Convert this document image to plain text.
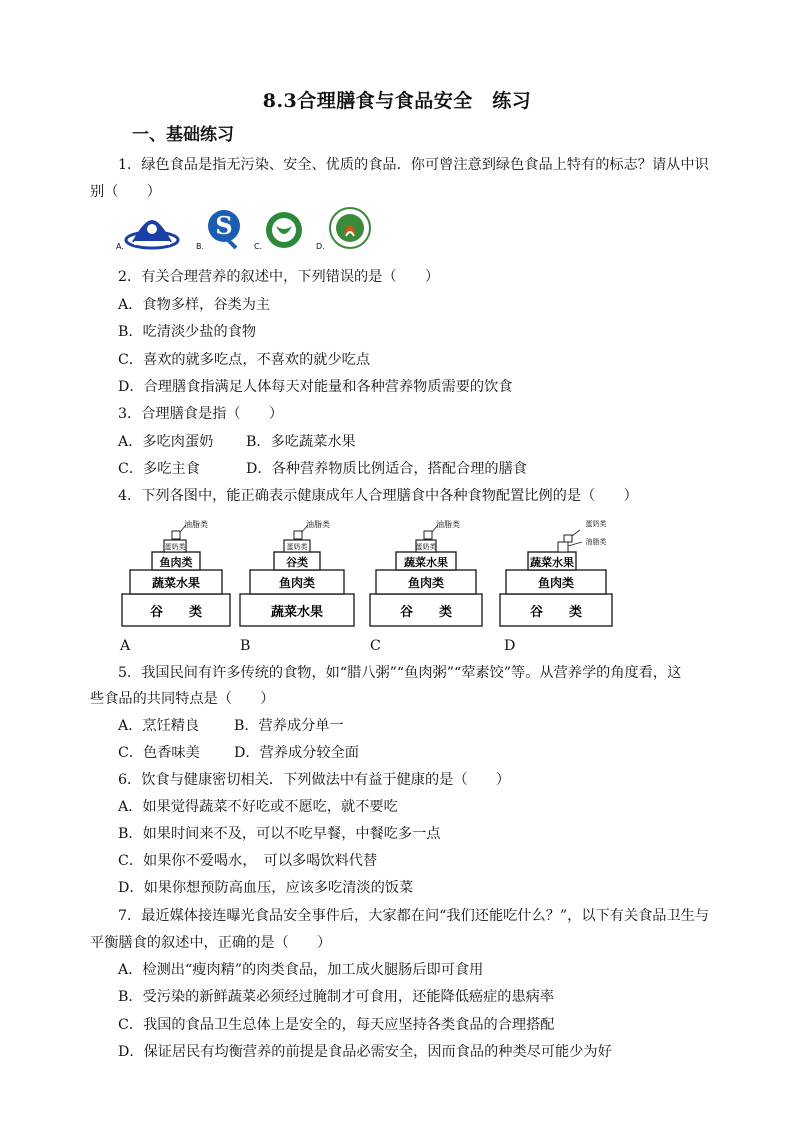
8.3合理膳食与食品安全　练习
一、基础练习
1．绿色食品是指无污染、安全、优质的食品．你可曾注意到绿色食品上特有的标志？请从中识
别（　　）
A.	B.
S
C.	D.
2．有关合理营养的叙述中，下列错误的是（　　）
A．食物多样，谷类为主
B．吃清淡少盐的食物
C．喜欢的就多吃点，不喜欢的就少吃点
D．合理膳食指满足人体每天对能量和各种营养物质需要的饮食
3．合理膳食是指（　　）
A．多吃肉蛋奶 B．多吃蔬菜水果
C．多吃主食	D．各种营养物质比例适合，搭配合理的膳食
4．下列各图中，能正确表示健康成年人合理膳食中各种食物配置比例的是（　　）
谷　　类
蔬菜水果
鱼肉类
蛋奶类
油脂类
蔬菜水果
鱼肉类
谷类
蛋奶类
油脂类
谷　　类
鱼肉类
蔬菜水果
蛋奶类
油脂类
谷　　类
鱼肉类
蔬菜水果
蛋奶类
油脂类
A	B	C	D
5．我国民间有许多传统的食物，如“腊八粥”“鱼肉粥”“荤素饺”等。从营养学的角度看，这
些食品的共同特点是（　　）
A．烹饪精良 B．营养成分单一
C．色香味美 D．营养成分较全面
6．饮食与健康密切相关．下列做法中有益于健康的是（　　）
A．如果觉得蔬菜不好吃或不愿吃，就不要吃
B．如果时间来不及，可以不吃早餐，中餐吃多一点
C．如果你不爱喝水，　可以多喝饮料代替
D．如果你想预防高血压，应该多吃清淡的饭菜
7．最近媒体接连曝光食品安全事件后，大家都在问“我们还能吃什么？”，以下有关食品卫生与
平衡膳食的叙述中，正确的是（　　）
A．检测出“瘦肉精”的肉类食品，加工成火腿肠后即可食用
B．受污染的新鲜蔬菜必须经过腌制才可食用，还能降低癌症的患病率
C．我国的食品卫生总体上是安全的，每天应坚持各类食品的合理搭配
D．保证居民有均衡营养的前提是食品必需安全，因而食品的种类尽可能少为好
